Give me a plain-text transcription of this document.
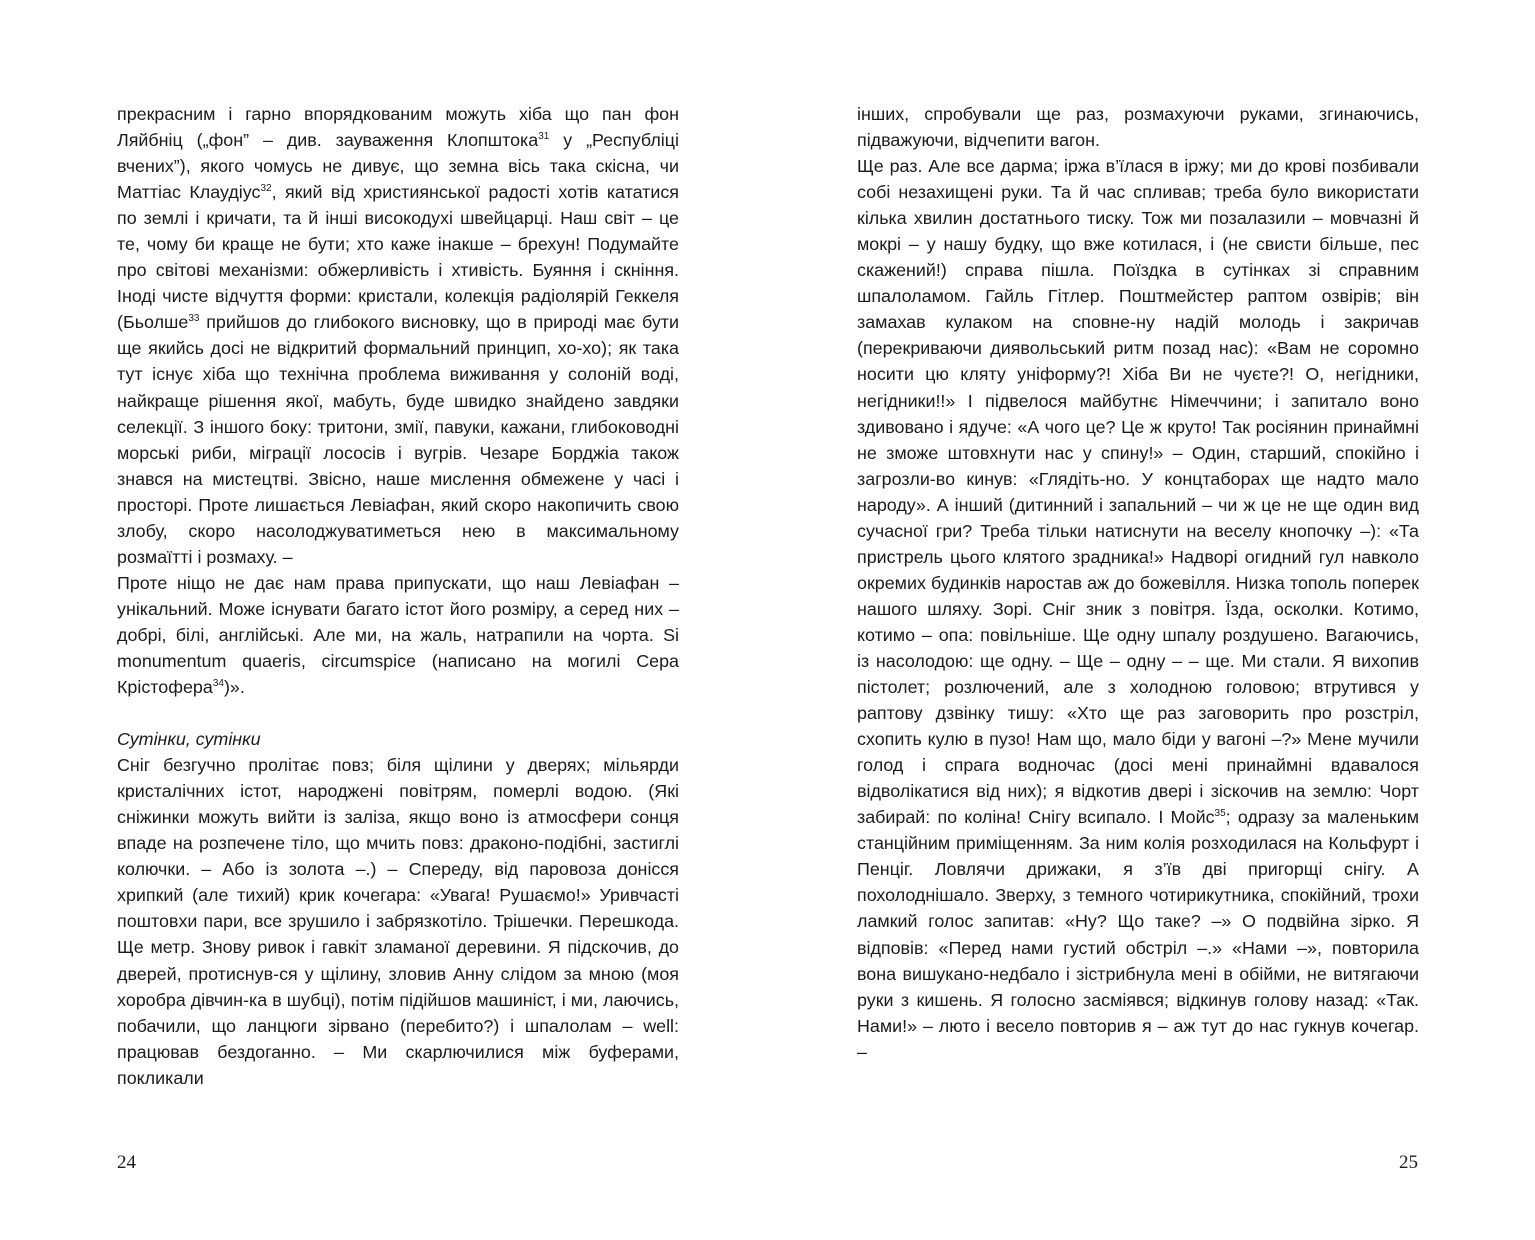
прекрасним і гарно впорядкованим можуть хіба що пан фон Ляйбніц („фон” – див. зауваження Клопштока$^{31}$ у „Республіці вчених”), якого чомусь не дивує, що земна вісь така скісна, чи Маттіас Клаудіус$^{32}$, який від християнської радості хотів кататися по землі і кричати, та й інші високодухі швейцарці. Наш світ – це те, чому би краще не бути; хто каже інакше – брехун! Подумайте про світові механізми: обжерливість і хтивість. Буяння і скніння. Іноді чисте відчуття форми: кристали, колекція радіолярій Геккеля (Бьолше$^{33}$ прийшов до глибокого висновку, що в природі має бути ще якийсь досі не відкритий формальний принцип, хо-хо); як така тут існує хіба що технічна проблема виживання у солоній воді, найкраще рішення якої, мабуть, буде швидко знайдено завдяки селекції. З іншого боку: тритони, змії, павуки, кажани, глибоководні морські риби, міграції лососів і вугрів. Чезаре Борджіа також знався на мистецтві. Звісно, наше мислення обмежене у часі і просторі. Проте лишається Левіафан, який скоро накопичить свою злобу, скоро насолоджуватиметься нею в максимальному розмаїтті і розмаху. –

Проте ніщо не дає нам права припускати, що наш Левіафан – унікальний. Може існувати багато істот його розміру, а серед них – добрі, білі, англійські. Але ми, на жаль, натрапили на чорта. Si monumentum quaeris, circumspice (написано на могилі Сера Крістофера$^{34}$)».

Сутінки, сутінки

Сніг безгучно пролітає повз; біля щілини у дверях; мільярди кристалічних істот, народжені повітрям, померлі водою. (Які сніжинки можуть вийти із заліза, якщо воно із атмосфери сонця впаде на розпечене тіло, що мчить повз: драконо-подібні, застиглі колючки. – Або із золота –.) – Спереду, від паровоза донісся хрипкий (але тихий) крик кочегара: «Увага! Рушаємо!» Уривчасті поштовхи пари, все зрушило і забрязкотіло. Трішечки. Перешкода. Ще метр. Знову ривок і гавкіт зламаної деревини. Я підскочив, до дверей, протиснув-ся у щілину, зловив Анну слідом за мною (моя хоробра дівчин-ка в шубці), потім підійшов машиніст, і ми, лаючись, побачили, що ланцюги зірвано (перебито?) і шпалолам – well: працював бездоганно. – Ми скарлючилися між буферами, покликали

24

інших, спробували ще раз, розмахуючи руками, згинаючись, підважуючи, відчепити вагон.

Ще раз. Але все дарма; іржа в’їлася в іржу; ми до крові позбивали собі незахищені руки. Та й час спливав; треба було використати кілька хвилин достатнього тиску. Тож ми позалазили – мовчазні й мокрі – у нашу будку, що вже котилася, і (не свисти більше, пес скажений!) справа пішла. Поїздка в сутінках зі справним шпалоламом. Гайль Гітлер. Поштмейстер раптом озвірів; він замахав кулаком на сповне-ну надій молодь і закричав (перекриваючи диявольський ритм позад нас): «Вам не соромно носити цю кляту уніформу?! Хіба Ви не чуєте?! О, негідники, негідники!!» І підвелося майбутнє Німеччини; і запитало воно здивовано і ядуче: «А чого це? Це ж круто! Так росіянин принаймні не зможе штовхнути нас у спину!» – Один, старший, спокійно і загрозли-во кинув: «Глядіть-но. У концтаборах ще надто мало народу». А інший (дитинний і запальний – чи ж це не ще один вид сучасної гри? Треба тільки натиснути на веселу кнопочку –): «Та пристрель цього клятого зрадника!» Надворі огидний гул навколо окремих будинків наростав аж до божевілля. Низка тополь поперек нашого шляху. Зорі. Сніг зник з повітря. Їзда, осколки. Котимо, котимо – опа: повільніше. Ще одну шпалу роздушено. Вагаючись, із насолодою: ще одну. – Ще – одну – – ще. Ми стали. Я вихопив пістолет; розлючений, але з холодною головою; втрутився у раптову дзвінку тишу: «Хто ще раз заговорить про розстріл, схопить кулю в пузо! Нам що, мало біди у вагоні –?» Мене мучили голод і спрага водночас (досі мені принаймні вдавалося відволікатися від них); я відкотив двері і зіскочив на землю: Чорт забирай: по коліна! Снігу всипало. І Мойс$^{35}$; одразу за маленьким станційним приміщенням. За ним колія розходилася на Кольфурт і Пенціг. Ловлячи дрижаки, я з’їв дві пригорщі снігу. А похолоднішало. Зверху, з темного чотирикутника, спокійний, трохи ламкий голос запитав: «Ну? Що таке? –» О подвійна зірко. Я відповів: «Перед нами густий обстріл –.» «Нами –», повторила вона вишукано-недбало і зістрибнула мені в обійми, не витягаючи руки з кишень. Я голосно засміявся; відкинув голову назад: «Так. Нами!» – люто і весело повторив я – аж тут до нас гукнув кочегар. –

25
